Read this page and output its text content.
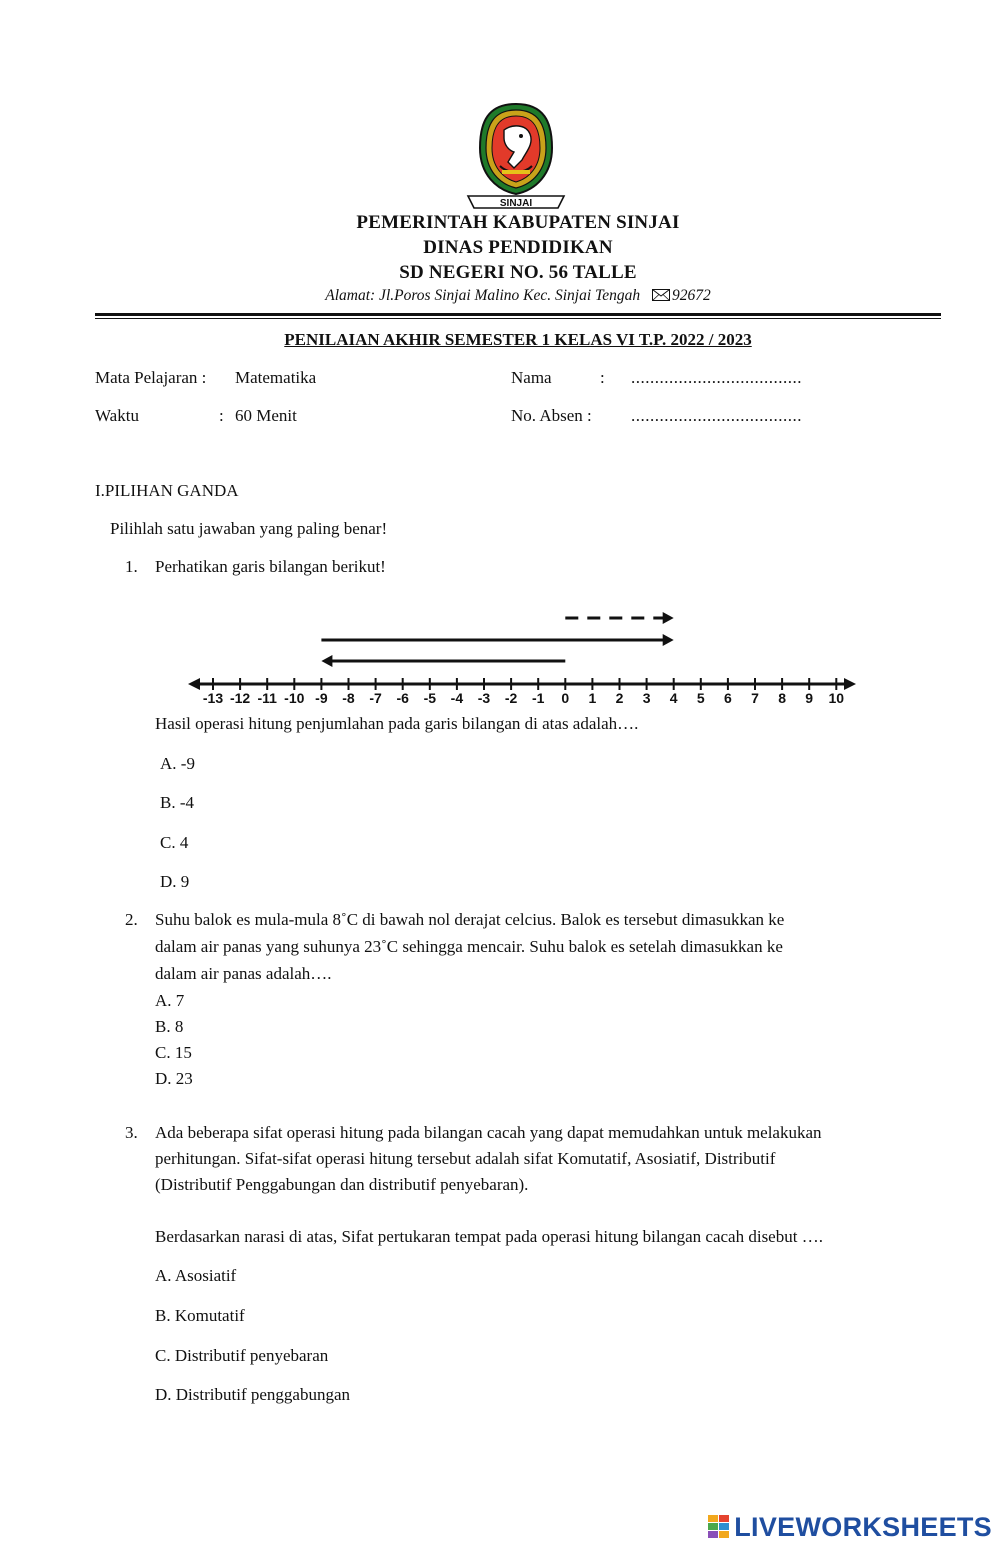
SINJAI
PEMERINTAH KABUPATEN SINJAI
DINAS PENDIDIKAN
SD NEGERI NO. 56 TALLE
Alamat: Jl.Poros Sinjai Malino Kec. Sinjai Tengah 92672
PENILAIAN AKHIR SEMESTER 1 KELAS VI T.P. 2022 / 2023
Mata Pelajaran : Matematika	Nama	: ....................................
Waktu	: 60 Menit	No. Absen : ....................................
I.PILIHAN GANDA
Pilihlah satu jawaban yang paling benar!
1. Perhatikan garis bilangan berikut!
-13 -12 -11 -10 -9 -8 -7 -6 -5 -4 -3 -2 -1 0 1 2 3 4 5 6 7 8 9 10
Hasil operasi hitung penjumlahan pada garis bilangan di atas adalah….
A. -9
B. -4
C. 4
D. 9
2. Suhu balok es mula-mula 8˚C di bawah nol derajat celcius. Balok es tersebut dimasukkan ke
dalam air panas yang suhunya 23˚C sehingga mencair. Suhu balok es setelah dimasukkan ke
dalam air panas adalah….
A. 7
B. 8
C. 15
D. 23
3. Ada beberapa sifat operasi hitung pada bilangan cacah yang dapat memudahkan untuk melakukan
perhitungan. Sifat-sifat operasi hitung tersebut adalah sifat Komutatif, Asosiatif, Distributif
(Distributif Penggabungan dan distributif penyebaran).
Berdasarkan narasi di atas, Sifat pertukaran tempat pada operasi hitung bilangan cacah disebut ….
A. Asosiatif
B. Komutatif
C. Distributif penyebaran
D. Distributif penggabungan
LIVEWORKSHEETS
